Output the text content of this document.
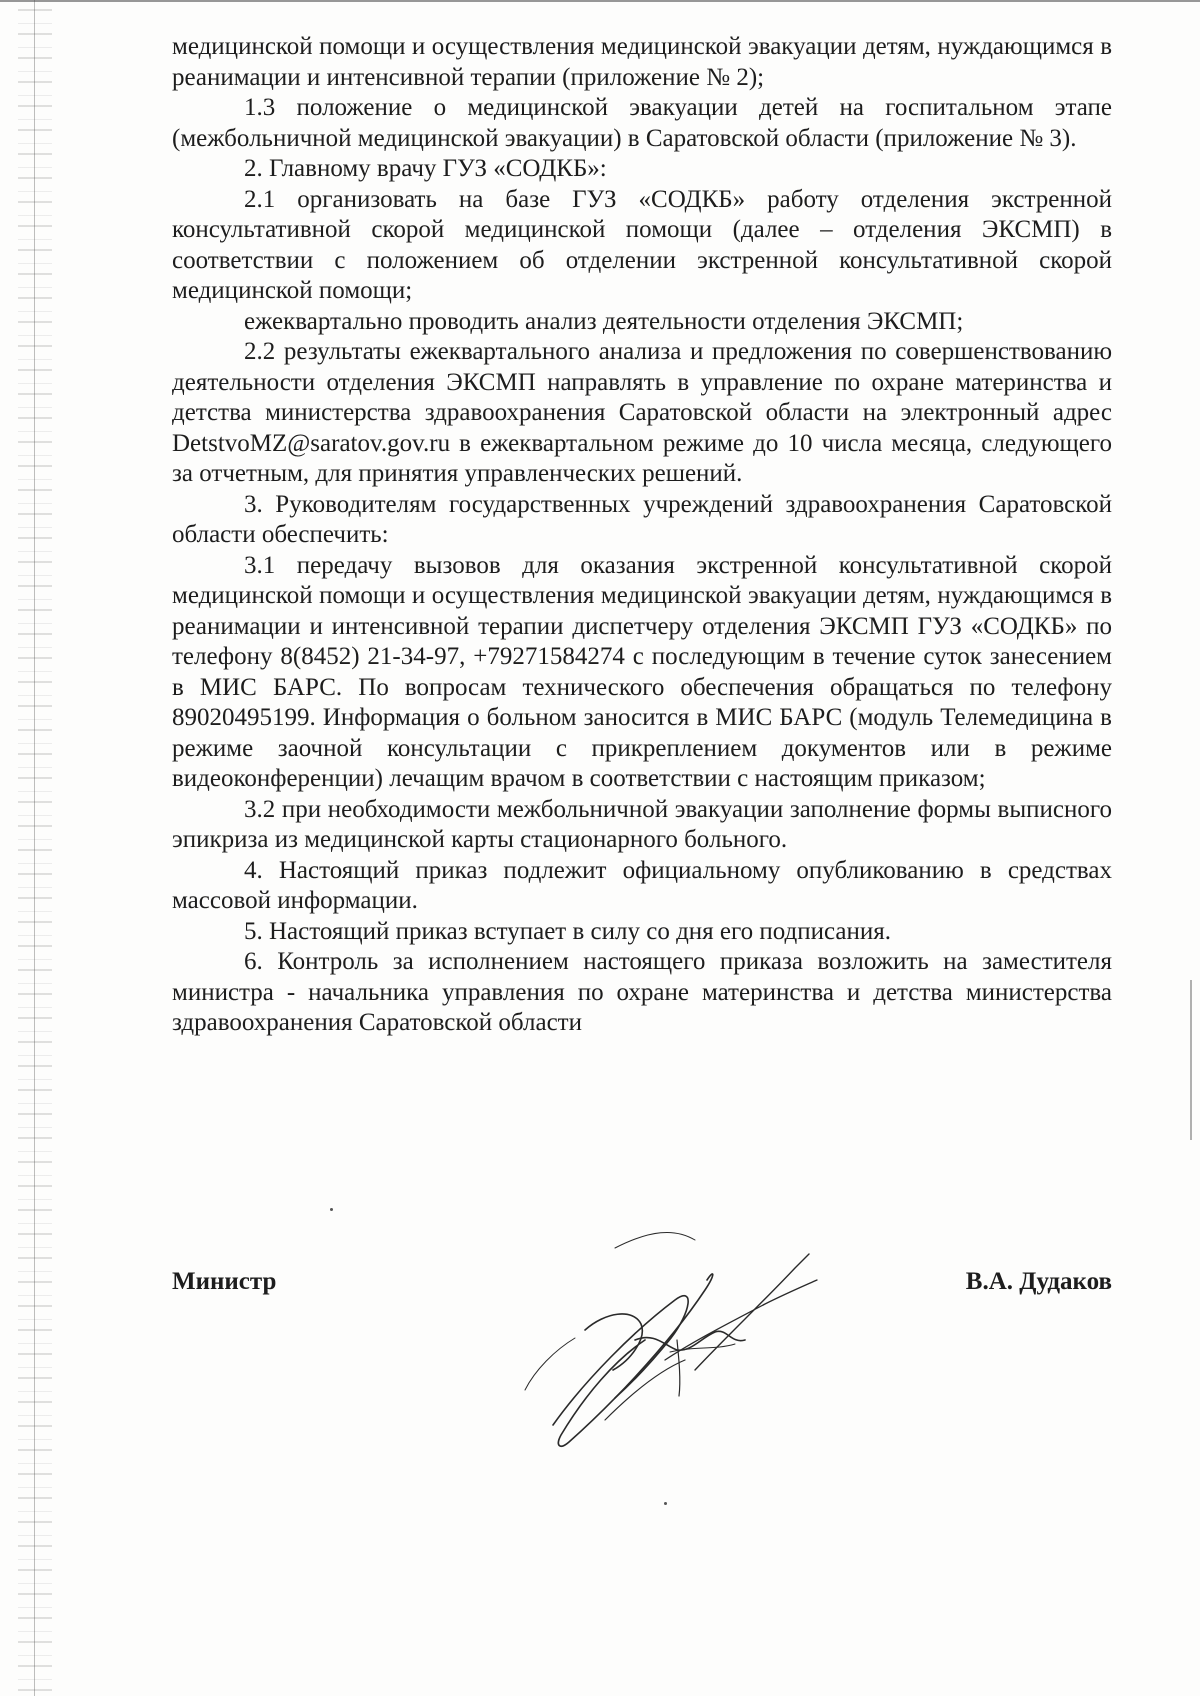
медицинской помощи и осуществления медицинской эвакуации детям, нуждающимся в реанимации и интенсивной терапии (приложение № 2);

1.3 положение о медицинской эвакуации детей на госпитальном этапе (межбольничной медицинской эвакуации) в Саратовской области (приложение № 3).

2. Главному врачу ГУЗ «СОДКБ»:

2.1 организовать на базе ГУЗ «СОДКБ» работу отделения экстренной консультативной скорой медицинской помощи (далее – отделения ЭКСМП) в соответствии с положением об отделении экстренной консультативной скорой медицинской помощи;

ежеквартально проводить анализ деятельности отделения ЭКСМП;

2.2 результаты ежеквартального анализа и предложения по совершенствованию деятельности отделения ЭКСМП направлять в управление по охране материнства и детства министерства здравоохранения Саратовской области на электронный адрес DetstvoMZ@saratov.gov.ru в ежеквартальном режиме до 10 числа месяца, следующего за отчетным, для принятия управленческих решений.

3. Руководителям государственных учреждений здравоохранения Саратовской области обеспечить:

3.1 передачу вызовов для оказания экстренной консультативной скорой медицинской помощи и осуществления медицинской эвакуации детям, нуждающимся в реанимации и интенсивной терапии диспетчеру отделения ЭКСМП ГУЗ «СОДКБ» по телефону 8(8452) 21-34-97, +79271584274 с последующим в течение суток занесением в МИС БАРС. По вопросам технического обеспечения обращаться по телефону 89020495199. Информация о больном заносится в МИС БАРС (модуль Телемедицина в режиме заочной консультации с прикреплением документов или в режиме видеоконференции) лечащим врачом в соответствии с настоящим приказом;

3.2 при необходимости межбольничной эвакуации заполнение формы выписного эпикриза из медицинской карты стационарного больного.

4. Настоящий приказ подлежит официальному опубликованию в средствах массовой информации.

5. Настоящий приказ вступает в силу со дня его подписания.

6. Контроль за исполнением настоящего приказа возложить на заместителя министра - начальника управления по охране материнства и детства министерства здравоохранения Саратовской области

Министр	В.А. Дудаков
